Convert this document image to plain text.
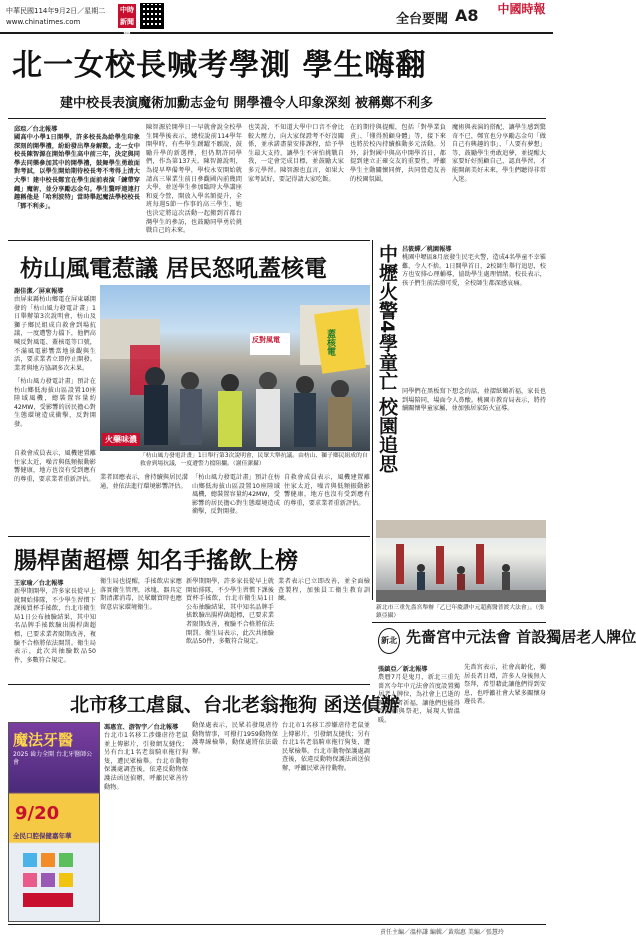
中華民國114年9月2日／星期二
www.chinatimes.com
中時 新聞網
全台要聞 A8 中國時報
北一女校長喊考學測 學生嗨翻
建中校長表演魔術加勳志金句 開學禮令人印象深刻 被稱鄭不利多
邱琮／台北報導
國高中小學1日開學，許多校長為給學生印象深刻的開學禮，紛紛發出準身解數。北一女中校長陳智源在開始學生高中前三年，決定與同學去同樂參加其中的開學禮，鼓舞學生勇敢面對考試，以學生開始期待校長考不考得上清大大學！建中校長鄭宜在學生面前表演「鍊帶穿繩」魔術，並分享勵志金句。學生驚呼連連打趣稱他是「哈利波特」當時舉起魔法學校校長「鄧不利多」。
陳智源於開學日一早就會說全校學生開學後表示，總校說前114學年開學時，有些學生踴躍不願說，鼓勵升學的新選擇，但仍期許同學們，作為第137天。陳智源說明，為提早準備考學，學校永安開始就請高三畢業生前日參觀國內前幾間大學，並送學生參加臨時大學講座和夏令營，開放入學名額提升，全班每週5節一作事的高三學生，她也決定將這次活動一起搬到首都台灣學生的參訪，也鼓勵同學勇於挑戰自己的未來。
也笑說，不知道大學中口音不會比較大壓力，向大家保證考不好沒關係，並承諾盡量安排課程，給予學生最大支持，讓學生不害怕挑戰自我，一定會完成目標，並鼓勵大家多元學習。陳智源也直言，如果大家考試好，要記得請大家吃飯。
在的期待與提醒，包括「對學業負責」、「懂得照顧身體」等，接下來也將於校內持續推動多元活動。另外，針對國中與高中開學首日，都提到建立正確交友的重要性，呼籲學生主動關懷同儕，共同營造友善的校園氛圍。
魔術與表演的搭配，讓學生感到驚奇不已，鄭宜也分享勵志金句「做自己有興趣的事」、「人要有夢想」等，鼓勵學生勇敢追夢，並提醒大家要好好照顧自己，認真學習，才能開創美好未來，學生們聽得非常入迷。
枋山風電惹議 居民怒吼蓋核電
謝佳潔／屏東報導
由屏東縣枋山鄉電在屏東縣開發的「枋山風力發電計畫」1日舉辦第3次說明會，枋山及獅子鄉民組成自救會到場抗議，一度遭警力擋下，他們高喊反對風電、蓋核電等口號，不滿風電影響當地景觀與生活，要求業者立即停止開發。業者與地方協調多次未果。
「枋山風力發電計畫」預計在枋山鄉低海拔山區設置10座陸域風機，總裝置容量約42MW，受影響的居民擔心對生態環境造成衝擊，反對開發。
自救會成員表示，風機建置離住家太近，噪音與低頻振動影響健康，地方也沒有受到應有的尊重，要求業者重新評估。
反對風電	蓋核電
火藥味濃
「枋山風力發電計畫」1日舉行第3次說明會，民眾大舉抗議。由枋山、獅子鄉民組成的自救會到場抗議，一度遭警力擋阻攔。（謝佳潔攝）
業者回應表示，會持續與居民溝通，並依法進行環境影響評估。
「枋山風力發電計畫」預計在枋山鄉低海拔山區設置10座陸域風機，總裝置容量約42MW，受影響的居民擔心對生態環境造成衝擊，反對開發。
自救會成員表示，風機建置離住家太近，噪音與低頻振動影響健康，地方也沒有受到應有的尊重，要求業者重新評估。
中壢火警4學童亡 校園追思 呂筱蟬／桃園報導
桃園中壢區8月底發生民宅火警，造成4名學童不幸罹難，令人不捨。1日開學首日，2校師生舉行追思，校方也安排心理輔導，協助學生處理情緒。校長表示，孩子們生前活潑可愛，全校師生都深感哀痛。
同學們在黑板寫下想念的話，並摺紙鶴祈福，家長也到場陪同，場面令人鼻酸。桃園市教育局表示，將持續關懷學童家屬，並加強居家防火宣導。
新北市三重先嗇宮舉辦「乙巳年慶讚中元超薦醫普渡大法會」。（張鎮亞攝）
腸桿菌超標 知名手搖飲上榜
王家瑜／台北報導
新學期開學，許多家長從早上就開始排隊，不少學生習慣下課後買杯手搖飲，台北市衛生局1日公布抽驗結果，其中知名品牌手搖飲驗出腸桿菌超標，已要求業者限期改善，複驗不合格將依法開罰。衛生局表示，此次共抽驗飲品50件，多數符合規定。
衛生局也提醒，手搖飲店家應落實衛生管理，冰塊、器具定期清潔消毒，民眾購買時也應留意店家環境衛生。
新學期開學，許多家長從早上就開始排隊，不少學生習慣下課後買杯手搖飲，台北市衛生局1日公布抽驗結果，其中知名品牌手搖飲驗出腸桿菌超標，已要求業者限期改善，複驗不合格將依法開罰。衛生局表示，此次共抽驗飲品50件，多數符合規定。
業者表示已立即改善，並全面檢查製程，加強員工衛生教育訓練。
新北 先嗇宮中元法會 首設獨居老人牌位
張鎮亞／新北報導
農曆7月是鬼月，新北三重先嗇宮今年中元法會首度設置獨居老人牌位，為社會上已逝的孤獨長者祈福，讓他們也能得到照顧與祭祀，展現人情溫暖。
先嗇宮表示，社會高齡化，獨居長者日增，許多人身後無人祭拜，希望藉此讓他們得到安息，也呼籲社會大眾多關懷身邊長者。
北市移工虐鼠、台北老翁拖狗 函送偵辦
馮惠宜、游智宇／台北報導
台北市1名移工涉嫌虐待老鼠並上傳影片，引發網友撻伐；另有台北1名老翁騎車拖行狗隻，遭民眾檢舉。台北市動物保護處調查後，依違反動物保護法函送偵辦，呼籲民眾善待動物。
動保處表示，民眾若發現虐待動物情事，可撥打1959動物保護專線檢舉，動保處將依法嚴辦。
台北市1名移工涉嫌虐待老鼠並上傳影片，引發網友撻伐；另有台北1名老翁騎車拖行狗隻，遭民眾檢舉。台北市動物保護處調查後，依違反動物保護法函送偵辦，呼籲民眾善待動物。
魔法牙醫
2025 齒力全開 台北牙醫師公會
9/20
全民口腔保健嘉年華
責任主編／溫梓謙 編輯／黃瑞惠 美編／張慧玲
